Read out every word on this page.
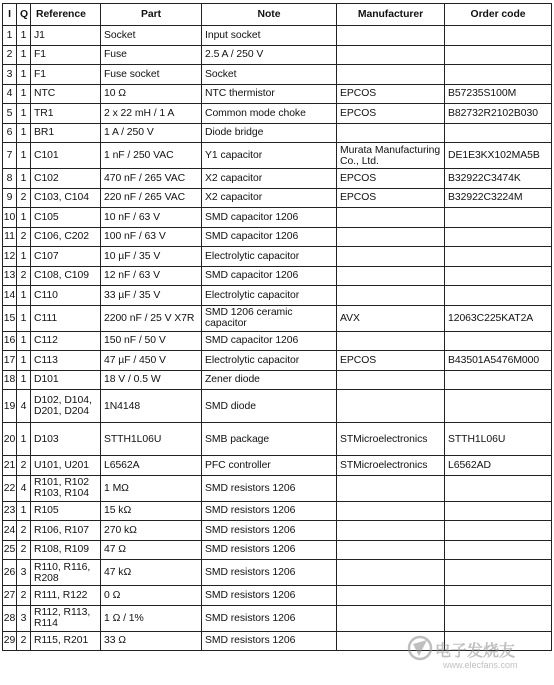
I	Q	Reference	Part	Note	Manufacturer	Order code
1	1	J1	Socket	Input socket		
2	1	F1	Fuse	2.5 A / 250 V		
3	1	F1	Fuse socket	Socket		
4	1	NTC	10 Ω	NTC thermistor	EPCOS	B57235S100M
5	1	TR1	2 x 22 mH / 1 A	Common mode choke	EPCOS	B82732R2102B030
6	1	BR1	1 A / 250 V	Diode bridge		
7	1	C101	1 nF / 250 VAC	Y1 capacitor	Murata Manufacturing Co., Ltd.	DE1E3KX102MA5B
8	1	C102	470 nF / 265 VAC	X2 capacitor	EPCOS	B32922C3474K
9	2	C103, C104	220 nF / 265 VAC	X2 capacitor	EPCOS	B32922C3224M
10	1	C105	10 nF / 63 V	SMD capacitor 1206		
11	2	C106, C202	100 nF / 63 V	SMD capacitor 1206		
12	1	C107	10 µF / 35 V	Electrolytic capacitor		
13	2	C108, C109	12 nF / 63 V	SMD capacitor 1206		
14	1	C110	33 µF / 35 V	Electrolytic capacitor		
15	1	C111	2200 nF / 25 V X7R	SMD 1206 ceramic capacitor	AVX	12063C225KAT2A
16	1	C112	150 nF / 50 V	SMD capacitor 1206		
17	1	C113	47 µF / 450 V	Electrolytic capacitor	EPCOS	B43501A5476M000
18	1	D101	18 V / 0.5 W	Zener diode		
19	4	D102, D104, D201, D204	1N4148	SMD diode		
20	1	D103	STTH1L06U	SMB package	STMicroelectronics	STTH1L06U
21	2	U101, U201	L6562A	PFC controller	STMicroelectronics	L6562AD
22	4	R101, R102 R103, R104	1 MΩ	SMD resistors 1206		
23	1	R105	15 kΩ	SMD resistors 1206		
24	2	R106, R107	270 kΩ	SMD resistors 1206		
25	2	R108, R109	47 Ω	SMD resistors 1206		
26	3	R110, R116, R208	47 kΩ	SMD resistors 1206		
27	2	R111, R122	0 Ω	SMD resistors 1206		
28	3	R112, R113, R114	1 Ω / 1%	SMD resistors 1206		
29	2	R115, R201	33 Ω	SMD resistors 1206		
电子发烧友
www.elecfans.com
